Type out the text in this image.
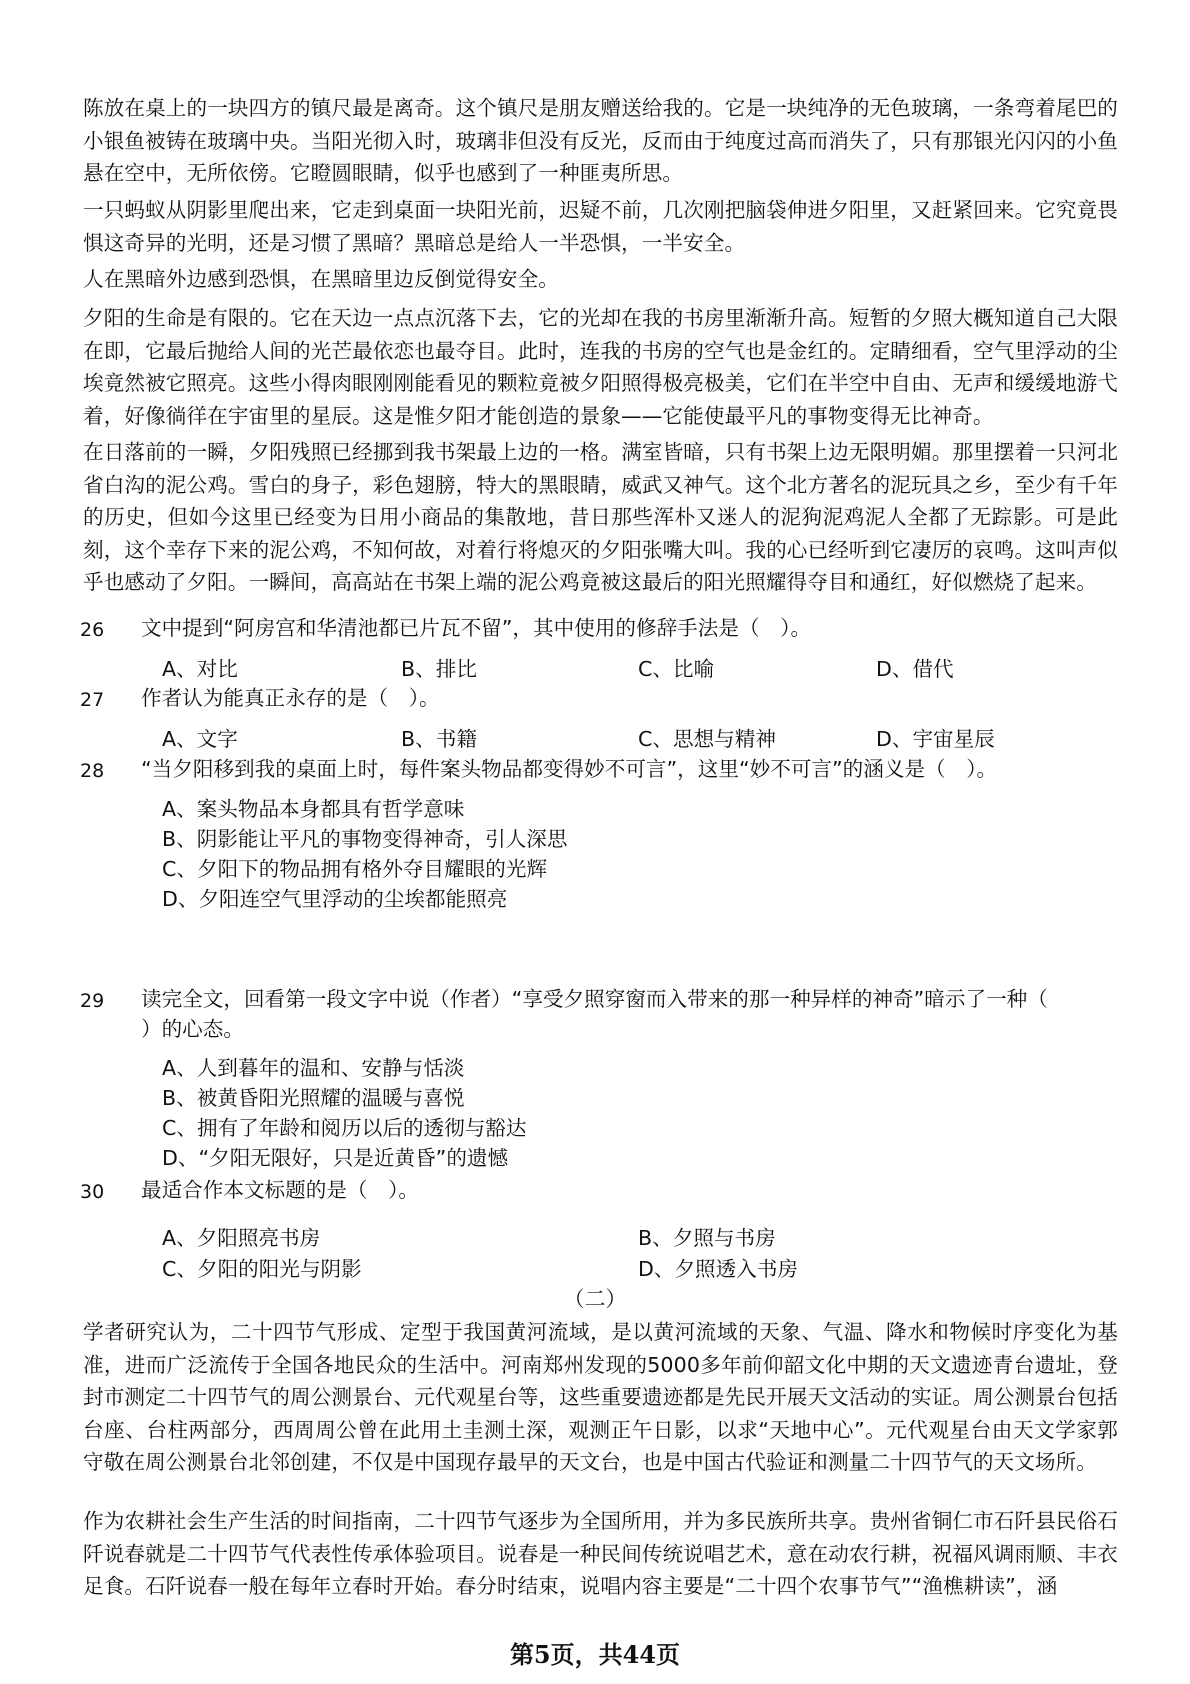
陈放在桌上的一块四方的镇尺最是离奇。这个镇尺是朋友赠送给我的。它是一块纯净的无色玻璃，一条弯着尾巴的小银鱼被铸在玻璃中央。当阳光彻入时，玻璃非但没有反光，反而由于纯度过高而消失了，只有那银光闪闪的小鱼悬在空中，无所依傍。它瞪圆眼睛，似乎也感到了一种匪夷所思。

一只蚂蚁从阴影里爬出来，它走到桌面一块阳光前，迟疑不前，几次刚把脑袋伸进夕阳里，又赶紧回来。它究竟畏惧这奇异的光明，还是习惯了黑暗？黑暗总是给人一半恐惧，一半安全。

人在黑暗外边感到恐惧，在黑暗里边反倒觉得安全。

夕阳的生命是有限的。它在天边一点点沉落下去，它的光却在我的书房里渐渐升高。短暂的夕照大概知道自己大限在即，它最后抛给人间的光芒最依恋也最夺目。此时，连我的书房的空气也是金红的。定睛细看，空气里浮动的尘埃竟然被它照亮。这些小得肉眼刚刚能看见的颗粒竟被夕阳照得极亮极美，它们在半空中自由、无声和缓缓地游弋着，好像徜徉在宇宙里的星辰。这是惟夕阳才能创造的景象——它能使最平凡的事物变得无比神奇。

在日落前的一瞬，夕阳残照已经挪到我书架最上边的一格。满室皆暗，只有书架上边无限明媚。那里摆着一只河北省白沟的泥公鸡。雪白的身子，彩色翅膀，特大的黑眼睛，威武又神气。这个北方著名的泥玩具之乡，至少有千年的历史，但如今这里已经变为日用小商品的集散地，昔日那些浑朴又迷人的泥狗泥鸡泥人全都了无踪影。可是此刻，这个幸存下来的泥公鸡，不知何故，对着行将熄灭的夕阳张嘴大叫。我的心已经听到它凄厉的哀鸣。这叫声似乎也感动了夕阳。一瞬间，高高站在书架上端的泥公鸡竟被这最后的阳光照耀得夺目和通红，好似燃烧了起来。

26	文中提到“阿房宫和华清池都已片瓦不留”，其中使用的修辞手法是（　）。
A、对比	B、排比	C、比喻	D、借代
27	作者认为能真正永存的是（　）。
A、文字	B、书籍	C、思想与精神	D、宇宙星辰
28	“当夕阳移到我的桌面上时，每件案头物品都变得妙不可言”，这里“妙不可言”的涵义是（　）。
A、案头物品本身都具有哲学意味
B、阴影能让平凡的事物变得神奇，引人深思
C、夕阳下的物品拥有格外夺目耀眼的光辉
D、夕阳连空气里浮动的尘埃都能照亮
29	读完全文，回看第一段文字中说（作者）“享受夕照穿窗而入带来的那一种异样的神奇”暗示了一种（
）的心态。
A、人到暮年的温和、安静与恬淡
B、被黄昏阳光照耀的温暖与喜悦
C、拥有了年龄和阅历以后的透彻与豁达
D、“夕阳无限好，只是近黄昏”的遗憾
30	最适合作本文标题的是（　）。
A、夕阳照亮书房	B、夕照与书房
C、夕阳的阳光与阴影	D、夕照透入书房
（二）

学者研究认为，二十四节气形成、定型于我国黄河流域，是以黄河流域的天象、气温、降水和物候时序变化为基准，进而广泛流传于全国各地民众的生活中。河南郑州发现的5000多年前仰韶文化中期的天文遗迹青台遗址，登封市测定二十四节气的周公测景台、元代观星台等，这些重要遗迹都是先民开展天文活动的实证。周公测景台包括台座、台柱两部分，西周周公曾在此用土圭测土深，观测正午日影，以求“天地中心”。元代观星台由天文学家郭守敬在周公测景台北邻创建，不仅是中国现存最早的天文台，也是中国古代验证和测量二十四节气的天文场所。

作为农耕社会生产生活的时间指南，二十四节气逐步为全国所用，并为多民族所共享。贵州省铜仁市石阡县民俗石阡说春就是二十四节气代表性传承体验项目。说春是一种民间传统说唱艺术，意在动农行耕，祝福风调雨顺、丰衣足食。石阡说春一般在每年立春时开始。春分时结束，说唱内容主要是“二十四个农事节气”“渔樵耕读”，涵

第5页，共44页
